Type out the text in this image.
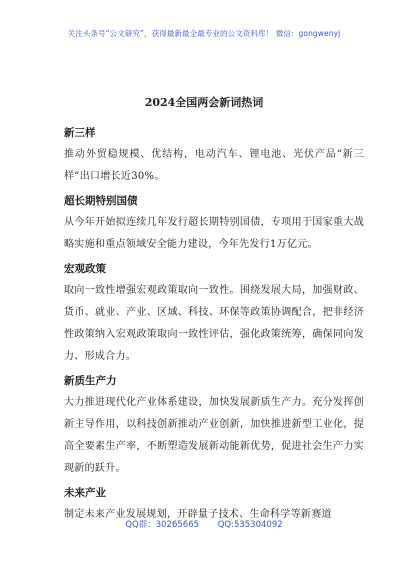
关注头条号“公文研究”，获得最新最全最专业的公文资料库！ 微信：gongwenyj
2024全国两会新词热词
新三样
推动外贸稳规模、优结构，电动汽车、锂电池、光伏产品“新三样”出口增长近30%。
超长期特别国债
从今年开始拟连续几年发行超长期特别国债，专项用于国家重大战略实施和重点领域安全能力建设，今年先发行1万亿元。
宏观政策
取向一致性增强宏观政策取向一致性。围绕发展大局，加强财政、货币、就业、产业、区域、科技、环保等政策协调配合，把非经济性政策纳入宏观政策取向一致性评估，强化政策统筹，确保同向发力、形成合力。
新质生产力
大力推进现代化产业体系建设，加快发展新质生产力。充分发挥创新主导作用，以科技创新推动产业创新，加快推进新型工业化，提高全要素生产率，不断塑造发展新动能新优势，促进社会生产力实现新的跃升。
未来产业
制定未来产业发展规划，开辟量子技术、生命科学等新赛道
QQ群：30265665 QQ:535304092
